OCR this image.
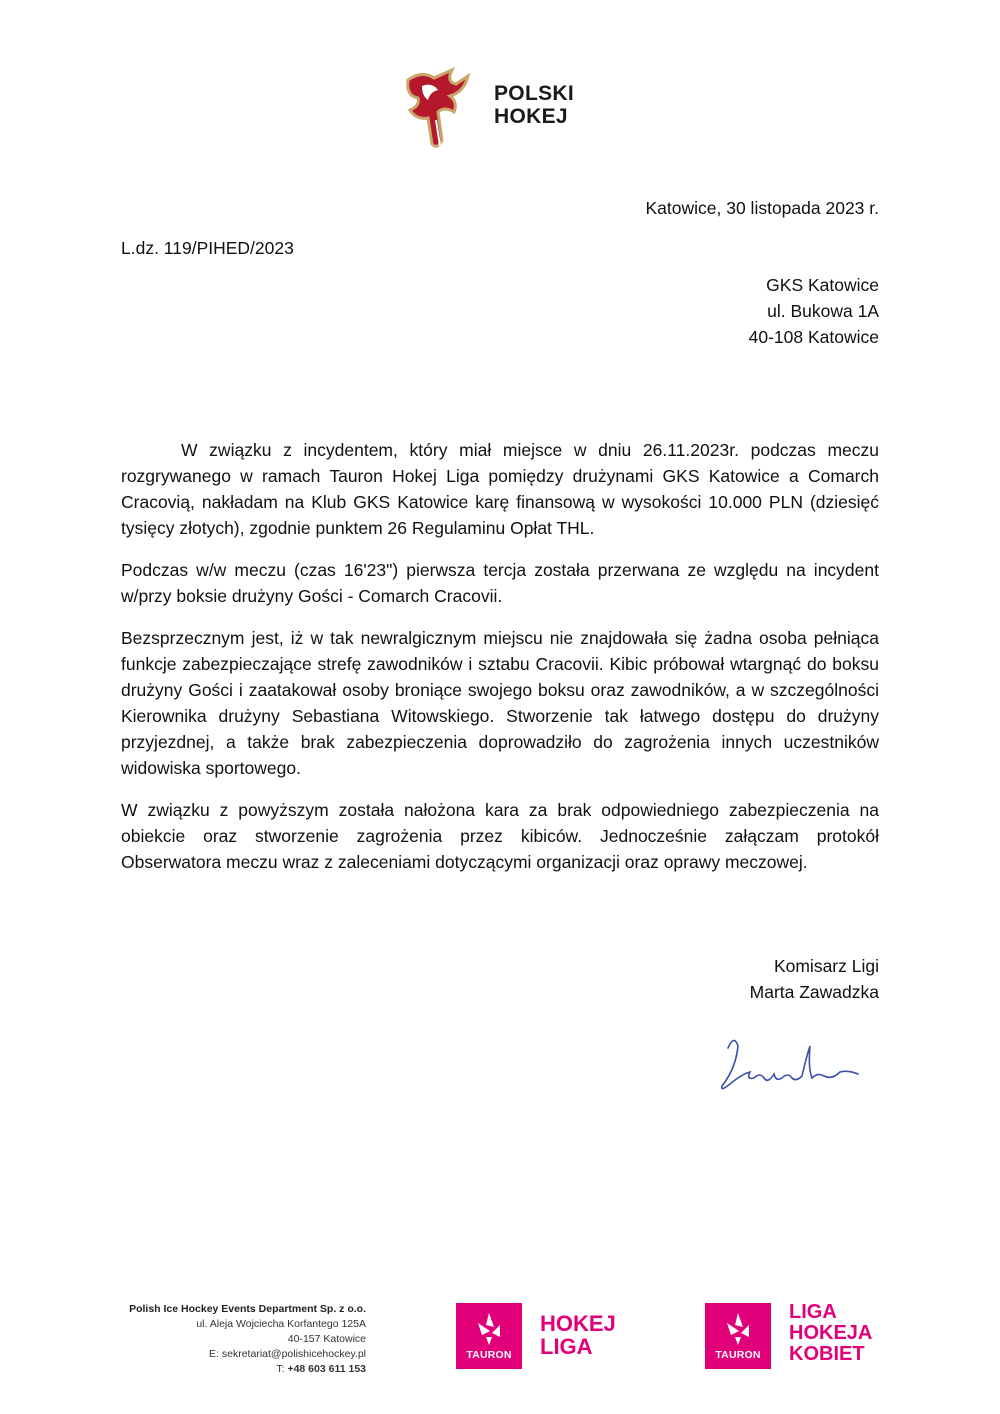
POLSKI
HOKEJ
Katowice, 30 listopada 2023 r.
L.dz. 119/PIHED/2023
GKS Katowice
ul. Bukowa 1A
40-108 Katowice

W związku z incydentem, który miał miejsce w dniu 26.11.2023r. podczas meczu rozgrywanego w ramach Tauron Hokej Liga pomiędzy drużynami GKS Katowice a Comarch Cracovią, nakładam na Klub GKS Katowice karę finansową w wysokości 10.000 PLN (dziesięć tysięcy złotych), zgodnie punktem 26 Regulaminu Opłat THL.

Podczas w/w meczu (czas 16'23") pierwsza tercja została przerwana ze względu na incydent w/przy boksie drużyny Gości - Comarch Cracovii.

Bezsprzecznym jest, iż w tak newralgicznym miejscu nie znajdowała się żadna osoba pełniąca funkcje zabezpieczające strefę zawodników i sztabu Cracovii. Kibic próbował wtargnąć do boksu drużyny Gości i zaatakował osoby broniące swojego boksu oraz zawodników, a w szczególności Kierownika drużyny Sebastiana Witowskiego. Stworzenie tak łatwego dostępu do drużyny przyjezdnej, a także brak zabezpieczenia doprowadziło do zagrożenia innych uczestników widowiska sportowego.

W związku z powyższym została nałożona kara za brak odpowiedniego zabezpieczenia na obiekcie oraz stworzenie zagrożenia przez kibiców. Jednocześnie załączam protokół Obserwatora meczu wraz z zaleceniami dotyczącymi organizacji oraz oprawy meczowej.

Komisarz Ligi
Marta Zawadzka
Polish Ice Hockey Events Department Sp. z o.o.
ul. Aleja Wojciecha Korfantego 125A
40-157 Katowice
E: sekretariat@polishicehockey.pl
T: +48 603 611 153
TAURON
HOKEJ
LIGA	TAURON
LIGA
HOKEJA
KOBIET
